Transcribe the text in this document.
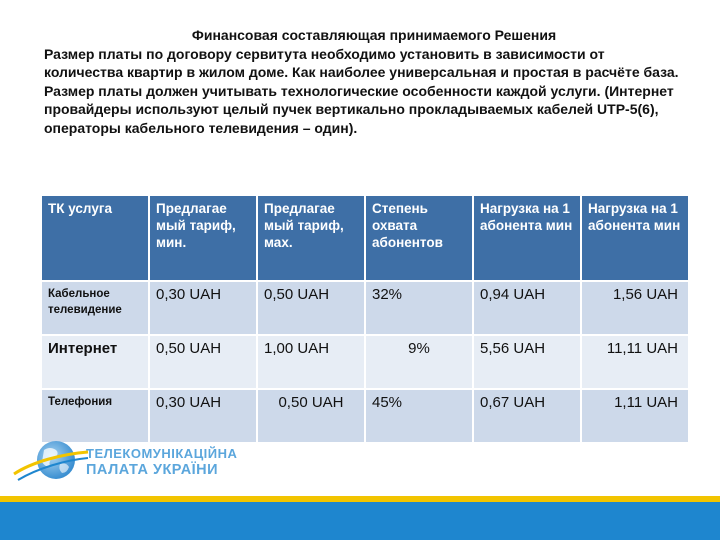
Финансовая составляющая принимаемого Решения

Размер платы по договору сервитута необходимо установить в зависимости от количества квартир в жилом доме. Как наиболее универсальная и простая в расчёте база.

Размер платы должен учитывать технологические особенности каждой услуги. (Интернет провайдеры используют целый пучек вертикально прокладываемых кабелей UTP-5(6),

операторы кабельного телевидения – один).

ТК услуга	Предлагае мый тариф, мин.	Предлагае мый тариф, мах.	Степень охвата абонентов	Нагрузка на 1 абонента мин	Нагрузка на 1 абонента мин
Кабельное телевидение	0,30 UAH	0,50 UAH	32%	0,94 UAH	1,56 UAH
Интернет	0,50 UAH	1,00 UAH	9%	5,56 UAH	11,11 UAH
Телефония	0,30 UAH	0,50 UAH	45%	0,67 UAH	1,11 UAH
ТЕЛЕКОМУНІКАЦІЙНА
ПАЛАТА УКРАЇНИ
